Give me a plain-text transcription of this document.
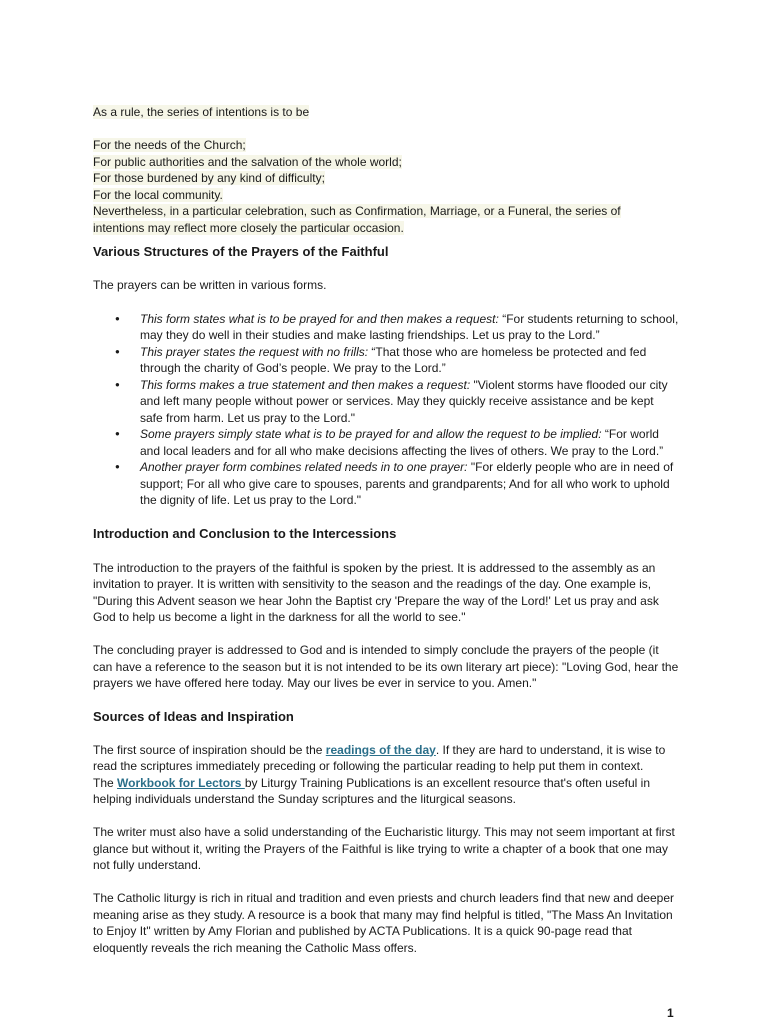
As a rule, the series of intentions is to be

For the needs of the Church;
For public authorities and the salvation of the whole world;
For those burdened by any kind of difficulty;
For the local community.

Nevertheless, in a particular celebration, such as Confirmation, Marriage, or a Funeral, the series of intentions may reflect more closely the particular occasion.

Various Structures of the Prayers of the Faithful

The prayers can be written in various forms.

● This form states what is to be prayed for and then makes a request: “For students returning to school, may they do well in their studies and make lasting friendships. Let us pray to the Lord.”
● This prayer states the request with no frills: “That those who are homeless be protected and fed through the charity of God’s people. We pray to the Lord.”
● This forms makes a true statement and then makes a request: "Violent storms have flooded our city and left many people without power or services. May they quickly receive assistance and be kept safe from harm. Let us pray to the Lord."
● Some prayers simply state what is to be prayed for and allow the request to be implied: “For world and local leaders and for all who make decisions affecting the lives of others. We pray to the Lord.”
● Another prayer form combines related needs in to one prayer: "For elderly people who are in need of support; For all who give care to spouses, parents and grandparents; And for all who work to uphold the dignity of life. Let us pray to the Lord."
Introduction and Conclusion to the Intercessions

The introduction to the prayers of the faithful is spoken by the priest. It is addressed to the assembly as an invitation to prayer. It is written with sensitivity to the season and the readings of the day. One example is, "During this Advent season we hear John the Baptist cry 'Prepare the way of the Lord!' Let us pray and ask God to help us become a light in the darkness for all the world to see."

The concluding prayer is addressed to God and is intended to simply conclude the prayers of the people (it can have a reference to the season but it is not intended to be its own literary art piece): "Loving God, hear the prayers we have offered here today. May our lives be ever in service to you. Amen."

Sources of Ideas and Inspiration

The first source of inspiration should be the readings of the day. If they are hard to understand, it is wise to read the scriptures immediately preceding or following the particular reading to help put them in context.

The Workbook for Lectors by Liturgy Training Publications is an excellent resource that's often useful in helping individuals understand the Sunday scriptures and the liturgical seasons.

The writer must also have a solid understanding of the Eucharistic liturgy. This may not seem important at first glance but without it, writing the Prayers of the Faithful is like trying to write a chapter of a book that one may not fully understand.

The Catholic liturgy is rich in ritual and tradition and even priests and church leaders find that new and deeper meaning arise as they study. A resource is a book that many may find helpful is titled, "The Mass An Invitation to Enjoy It" written by Amy Florian and published by ACTA Publications. It is a quick 90-page read that eloquently reveals the rich meaning the Catholic Mass offers.

1
